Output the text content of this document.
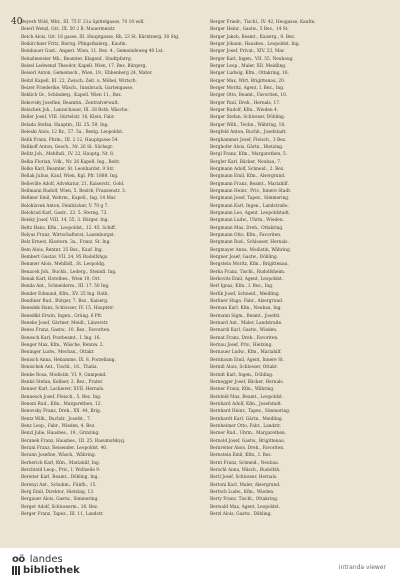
40

Beyerh Wild, Mhr., III. 75 F. 21a Spittelgasse, 70 10 wdl.

Beierl Wenzl, Gtr., IX. 50 2 B. Mauermeistr.

Beich Alois, Gtr. 16 gasse, III. Hauptgasse, Rh. 23 St. Kärntnerg. 30 Stg.

Beikirchner Fritz, Bierzg. Pfingsthalerg., Kaufm.

Beinhauer Gust., Angest. Wien, 11. Bez. 4., Gemeindeweg 40 Lst.

Beinzlmeister Mb., Beamter, Klagenf., Stadtpfarrg.

Beisel Ledwenzl Theodor, Kapell. Wien, 17. Bez. Bürgerg.

Beiserl Anton, Gemeinsch., Wien, 19., Ebbenberg 24, Mater.

Beitzl Kapell, III. 22, Zwisch. Zeit. u. Möbel, Wirtsch.

Beizer Friederike, Wäsch., Innsbruck, Gartengasse.

Beklich Gr., Schinderg., Kapell. Wien 11., Bez.

Bekovsky Josefine, Beamtin., Zentralverwalt.

Belachek Joh., Lanzschauer, III. 28 Rsth. Wäsche.

Beller Josef, VIII. Gürtelstr. 16, Klein. Fabr.

Belada Stefan, Hauptm., III. 25. 59, Ing.

Beleski Alois, 12 Bz., 57. 5a., Bestg. Leopoldst.

Belik Franz, Fhrm., III. 2 12, Hauptgasse 54.

Belikoff Anton, Gesch., Nr. 26 St. Sächsgr.

Belitz Joh., Mehlhdl., IV. 22, Hauptg. Nr. 8.

Belka Florian, Vdk., Nr. 26 Kapell. Ing., Beitr.

Belko Karl, Beamter, St. Leonhardst. 9 Str.

Bellak Julius, Kauf, Wien, Kgl. Pfr. 1888. Ing.

Belleville Adolf, Advokatur, 21, Kaiserstr., Gold.

Bellmann Rudolf, Wien, 5. Bezirk, Franzenstr. 3.

Bellmer Emil, Wehrm., Kapell., Ing. 14 Mar.

Belohlavek Anton, Feinbäcker, V. 70 g 7.

Belohrad Karl, Gastr., 23. 5. Sterng. 73.

Belsky Josef, VIII. 14, 55, 3. Bürger. Ing.

Beltz Hans, Kfm., Leopoldst., 12. 45, Schiff.

Belyus Franz, Wirtschaftsrat, Laxenburgst.

Belz Ernest, Klostern. 3a., Franz. St. Ing.

Bem Alois, Rentnr. 35 Bez., Kauf. Ing.

Bembert Gustav, VII. 24, 95 Rudolfshgs.

Bemmer Alois, Mehlhdl., St. Leopoldg.

Benacek Joh., Buchb., Lederg., Steindl. Ing.

Benak Karl, Hotelbes., Wien 10, Ort.

Benda Ant., Schneiderm., III. 17. 50 Ing.

Bender Edmund, Kfm., XV. 25 Ing. Rath.

Bendiner Rud., Bürger, 7. Bez., Kaiserg.

Benedek Hans, Schlosser, IV. 15, Hauptstr.

Benedikt Erwin, Ingen., Grüng. 6 Pfr.

Beneke Josef, Gärtner, Meidl., Linzerstr.

Benes Franz, Gastw., 10. Bez., Favoriten.

Benesch Karl, Postbeamt., I. Ing. 16.

Benger Max, Kfm., Wäsche, Rennw. 2.

Beninger Ludw., Mechan., Ottakr.

Benisch Anna, Hebamme, IX. 8, Porzellang.

Benischek Ant., Tischl., 16., Thalia.

Benke Rosa, Modistin, VI. 9, Gumpend.

Benkö Stefan, Kellner, 2. Bez., Prater.

Benner Karl, Lackierer, XVII. Hernals.

Bennesch Josef, Fleisch., 5. Bez. Ing.

Benoni Rud., Kfm., Margarethen, 12.

Benovsky Franz, Dreh., XX. 44, Brig.

Bentz Wilh., Buchdr., Josefst., 7.

Benz Leop., Fabr., Wieden, 4. Bez.

Benzl Julie, Hausbes., 19., Grinzing.

Beranek Franz, Hausbes., III. 25, Rasumofskyg.

Berani Franz, Reisender, Leopoldst. 40.

Berann Josefine, Wäsch., Währing.

Berberich Karl, Kfm., Mariahilf, Ing.

Berchtold Leop., Priv., I. Wollzeile 9.

Bereiter Karl, Beamt., Döbling, Ing.

Berenyi Ant., Schuhm., Fünfh., 15.

Berg Emil, Direktor, Hietzing, 13.

Bergauer Alois, Gastw., Simmering.

Berger Adolf, Schlosserm., 16. Bez.

Berger Franz, Tapez., III. 11, Landstr.

Berger Friedr., Tischl., IV. 42, Heugasse, Kaufm.

Berger Heinr., Gastw., 5 Bez., 14 St.

Berger Jakob, Beamt., Kaiserg., 8. Bez.

Berger Johann, Hausbes., Leopoldst. Ing.

Berger Josef, Privat., XIV. 23, Mar.

Berger Karl, Ingen., VII. 55, Neubaug.

Berger Leop., Maler, XII. Meidling.

Berger Ludwig, Kfm., Ottakring, 16.

Berger Max, Wirt, Brigittenau, 20.

Berger Moritz, Agent, I. Bez., Ing.

Berger Otto, Beamt., Favoriten, 10.

Berger Paul, Dreh., Hernals, 17.

Berger Rudolf, Kfm., Wieden 4.

Berger Stefan, Schlosser, Döbling.

Berger Wilh., Techn., Währing, 18.

Bergfeld Anton, Buchh., Josefstadt.

Berghammer Josef, Fleisch., 3 Bez.

Berghofer Alois, Gärtn., Hietzing.

Bergl Franz, Kfm., Margarethen, 5.

Bergler Karl, Bäcker, Neubau, 7.

Bergmann Adolf, Schneid., 2. Bez.

Bergmann Emil, Kfm., Alsergrund.

Bergmann Franz, Beamt., Mariahilf.

Bergmann Heinr., Priv., Innere Stadt.

Bergmann Josef, Tapez., Simmering.

Bergmann Karl, Ingen., Landstraße.

Bergmann Leo, Agent, Leopoldstadt.

Bergmann Ludw., Uhrm., Wieden.

Bergmann Max, Dreh., Ottakring.

Bergmann Otto, Kfm., Favoriten.

Bergmann Rud., Schlosser, Hernals.

Bergmayer Anna, Modistin, Währing.

Bergner Josef, Gastw., Döbling.

Bergstein Moritz, Kfm., Brigittenau.

Berka Franz, Tischl., Rudolfsheim.

Berkovits Emil, Agent, Leopoldst.

Berl Ignaz, Kfm., I. Bez., Ing.

Berlik Josef, Schneid., Meidling.

Berliner Hugo, Fabr., Alsergrund.

Berman Karl, Kfm., Neubau, Ing.

Bermann Sigm., Beamt., Josefst.

Bernard Ant., Maler, Landstraße.

Bernardi Karl, Gastw., Wieden.

Bernat Franz, Dreh., Favoriten.

Bernau Josef, Priv., Hietzing.

Bernauer Ludw., Kfm., Mariahilf.

Bernbaum Emil, Agent, Innere St.

Berndl Alois, Schlosser, Ottakr.

Berndt Karl, Ingen., Döbling.

Bernegger Josef, Bäcker, Hernals.

Berner Franz, Kfm., Währing.

Bernfeld Max, Beamt., Leopoldst.

Bernhard Adolf, Kfm., Josefstadt.

Bernhard Heinr., Tapez., Simmering.

Bernhardt Karl, Gärtn., Meidling.

Bernheimer Otto, Fabr., Landstr.

Berner Rud., Uhrm., Margarethen.

Bernold Josef, Gastw., Brigittenau.

Bernreiter Alois, Dreh., Favoriten.

Bernstein Emil, Kfm., I. Bez.

Bernt Franz, Schneid., Neubau.

Berschl Anna, Wäsch., Rudolfsh.

Bertl Josef, Schlosser, Hernals.

Bertoni Karl, Maler, Alsergrund.

Bertsch Ludw., Kfm., Wieden.

Berty Franz, Tischl., Ottakring.

Berwald Max, Agent, Leopoldst.

Berzl Alois, Gastw., Döbling.

oö landes
bibliothek	intranda viewer
